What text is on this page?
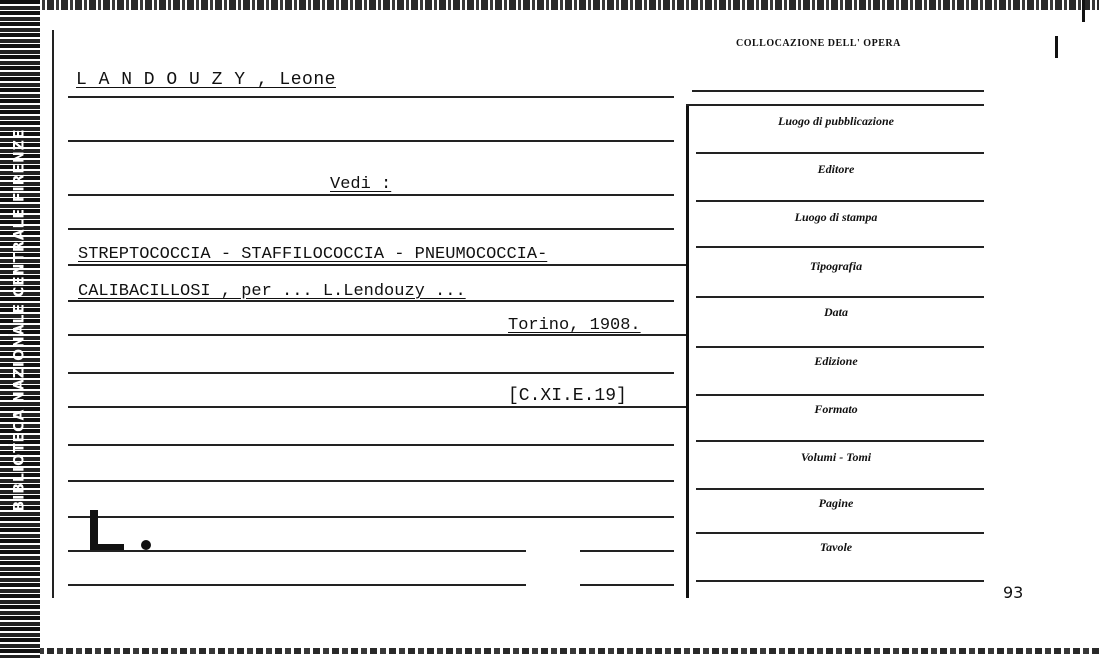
BIBLIOTECA NAZIONALE CENTRALE FIRENZE
L A N D O U Z Y , Leone
Vedi :
STREPTOCOCCIA - STAFFILOCOCCIA - PNEUMOCOCCIA-
CALIBACILLOSI , per ... L.Lendouzy ...
Torino, 1908.
[C.XI.E.19]
COLLOCAZIONE DELL' OPERA
Luogo di pubblicazione
Editore
Luogo di stampa
Tipografia
Data
Edizione
Formato
Volumi - Tomi
Pagine
Tavole
93
